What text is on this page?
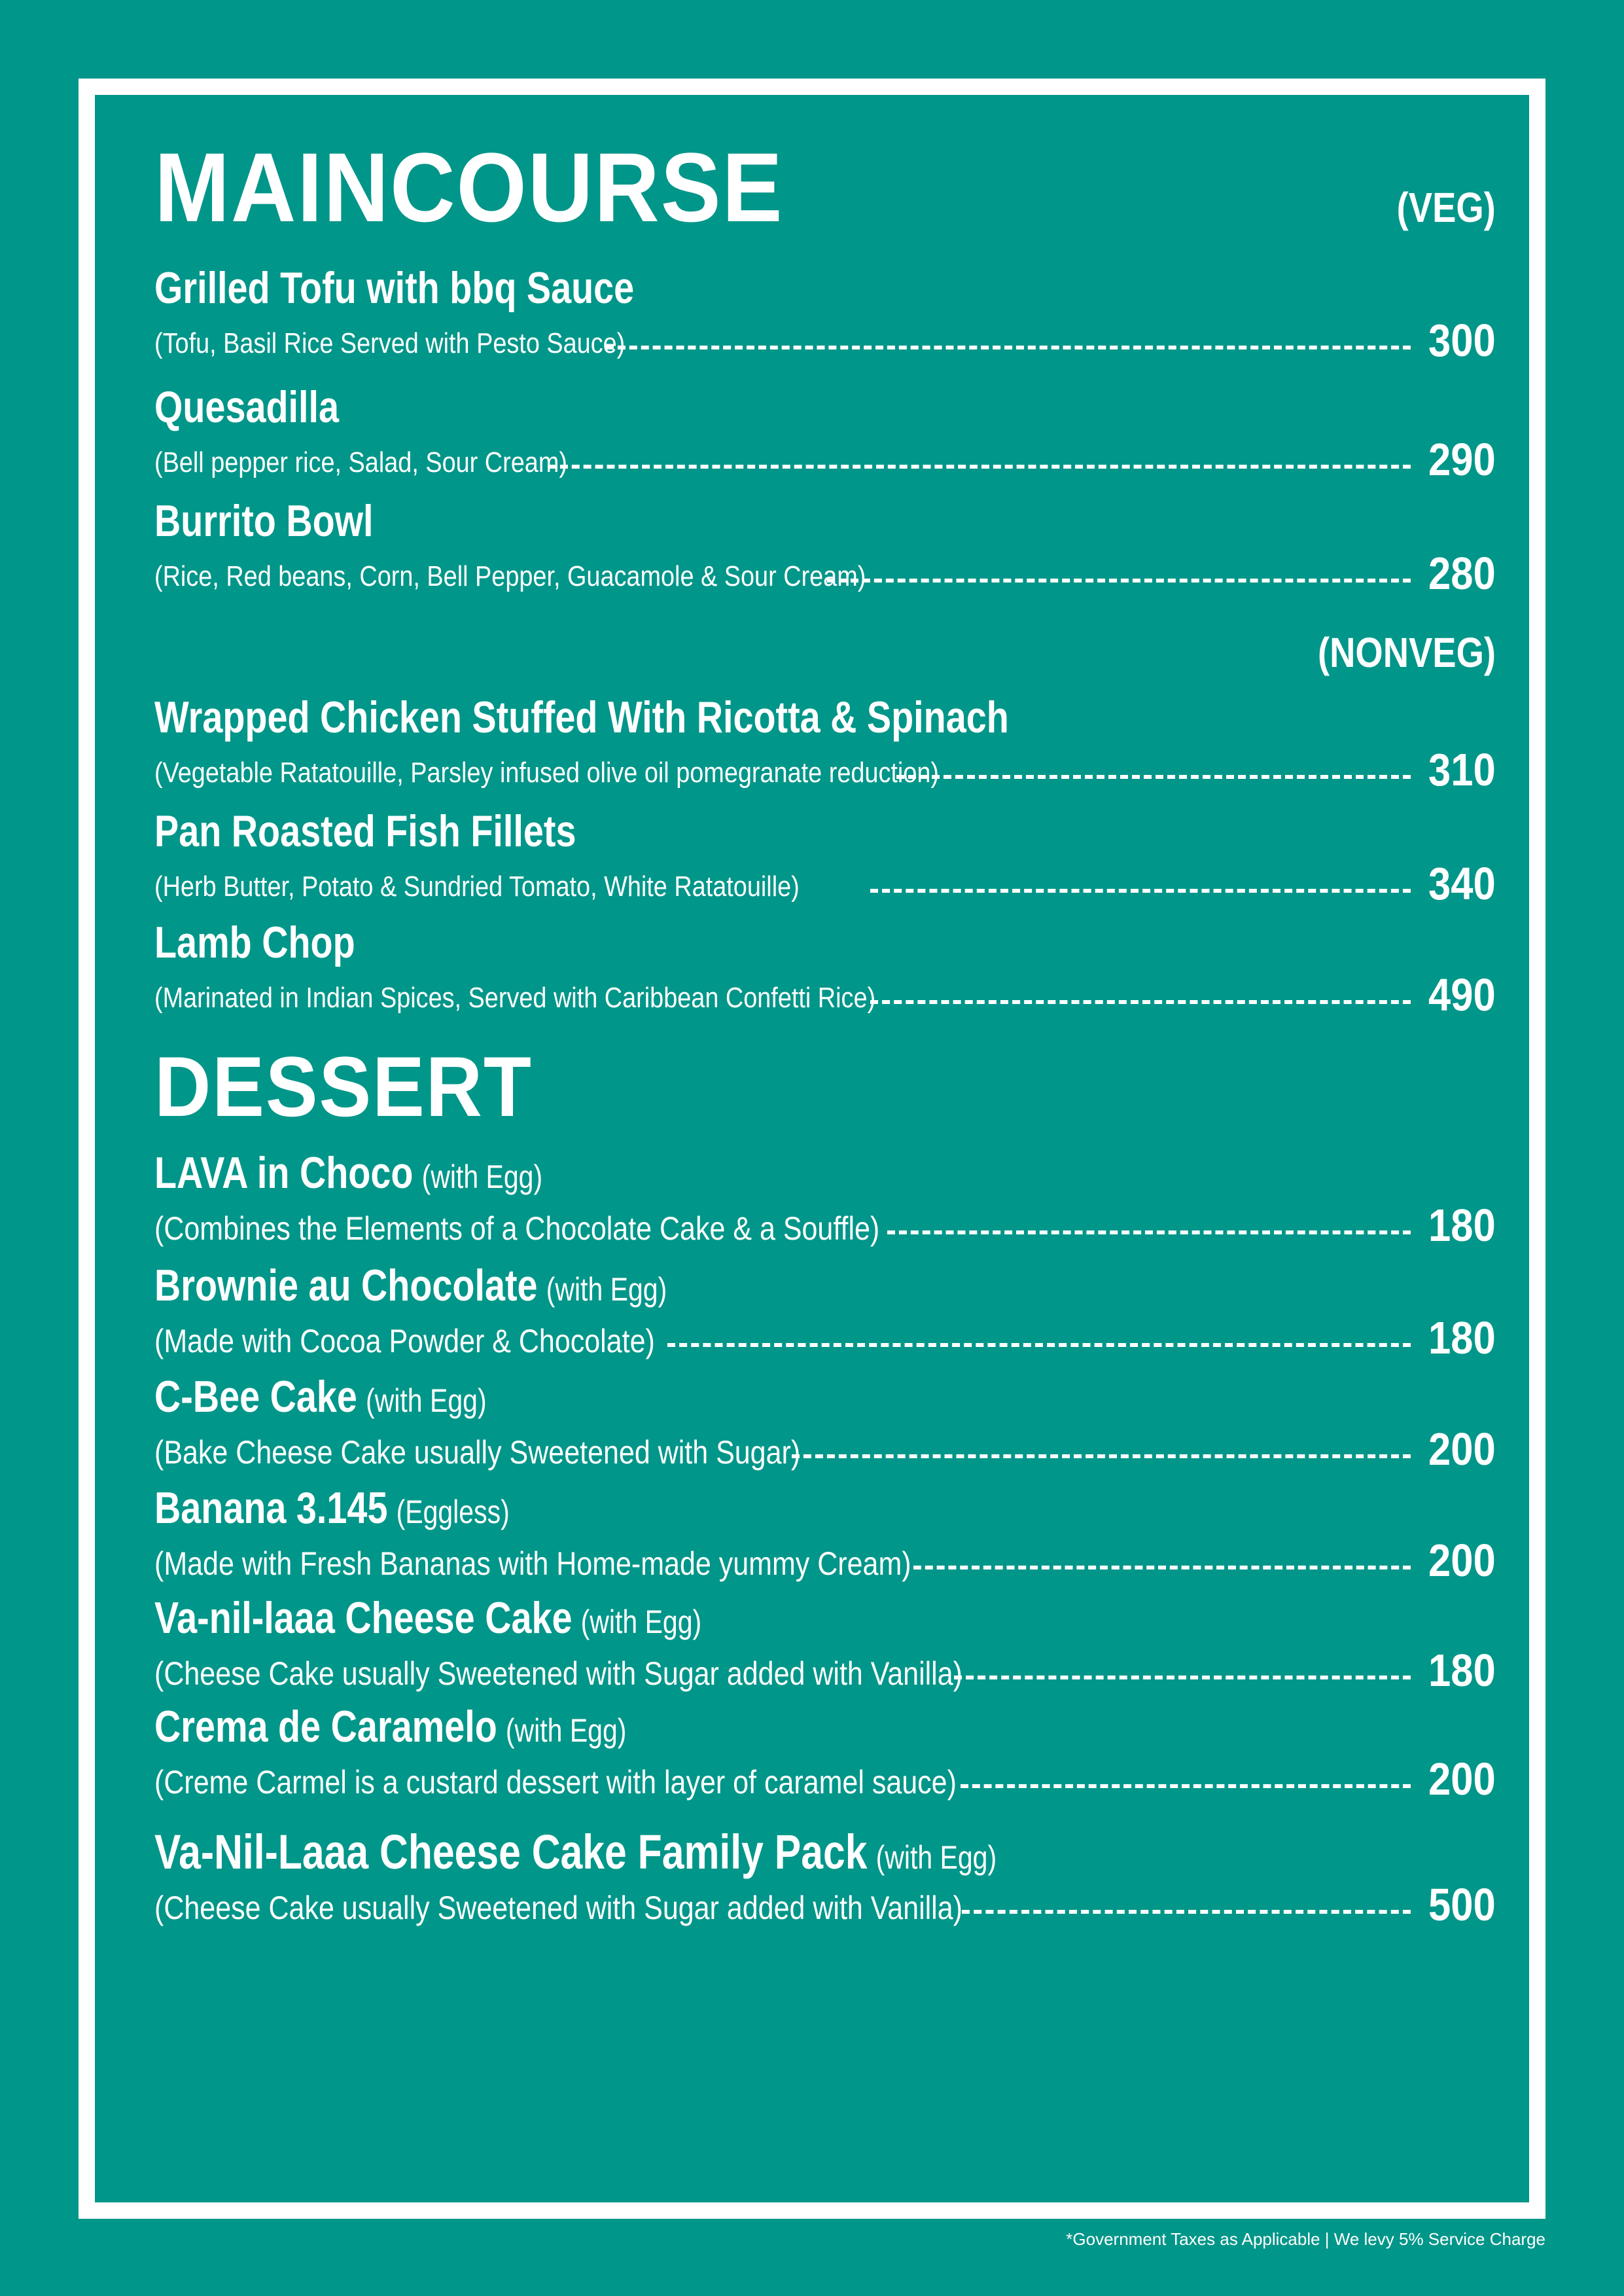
MAINCOURSE	(VEG)
Grilled Tofu with bbq Sauce
(Tofu, Basil Rice Served with Pesto Sauce)	300
Quesadilla
(Bell pepper rice, Salad, Sour Cream)	290
Burrito Bowl
(Rice, Red beans, Corn, Bell Pepper, Guacamole & Sour Cream)	280
(NONVEG)
Wrapped Chicken Stuffed With Ricotta & Spinach
(Vegetable Ratatouille, Parsley infused olive oil pomegranate reduction)	310
Pan Roasted Fish Fillets
(Herb Butter, Potato & Sundried Tomato, White Ratatouille)	340
Lamb Chop
(Marinated in Indian Spices, Served with Caribbean Confetti Rice)	490
DESSERT
LAVA in Choco (with Egg)
(Combines the Elements of a Chocolate Cake & a Souffle)	180
Brownie au Chocolate (with Egg)
(Made with Cocoa Powder & Chocolate)	180
C-Bee Cake (with Egg)
(Bake Cheese Cake usually Sweetened with Sugar)	200
Banana 3.145 (Eggless)
(Made with Fresh Bananas with Home-made yummy Cream)	200
Va-nil-laaa Cheese Cake (with Egg)
(Cheese Cake usually Sweetened with Sugar added with Vanilla)	180
Crema de Caramelo (with Egg)
(Creme Carmel is a custard dessert with layer of caramel sauce)	200
Va-Nil-Laaa Cheese Cake Family Pack (with Egg)
(Cheese Cake usually Sweetened with Sugar added with Vanilla)	500
*Government Taxes as Applicable | We levy 5% Service Charge
